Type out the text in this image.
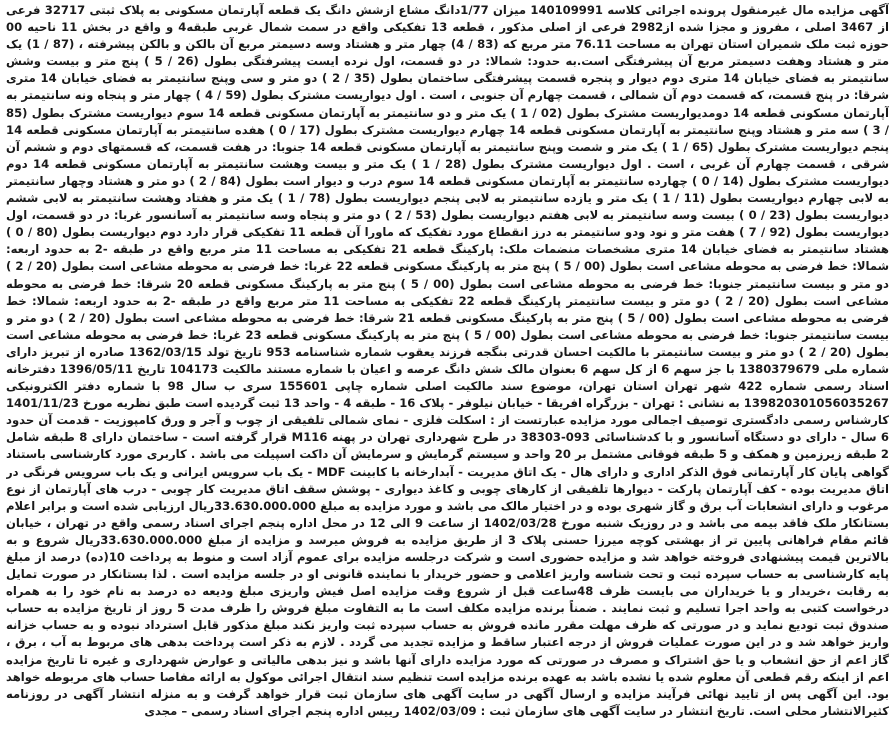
آگهی مزایده مال غیرمنقول پرونده اجرائی کلاسه 140109991 میزان 1/77دانگ مشاع ازشش دانگ یک قطعه آپارتمان مسکونی به پلاک ثبتی 32717 فرعی از 3467 اصلی ، مفروز و مجزا شده از2982 فرعی از اصلی مذکور ، قطعه 13 تفکیکی واقع در سمت شمال غربی طبقه4 و واقع در بخش 11 ناحیه 00 حوزه ثبت ملک شمیران استان تهران به مساحت 76.11 متر مربع که (83 / 4) چهار متر و هشتاد وسه دسیمتر مربع آن بالکن و بالکن پیشرفته ، (87 / 1) یک متر و هشتاد وهفت دسیمتر مربع آن پیشرفتگی است.به حدود: شمالا: در دو قسمت، اول نرده ایست پیشرفتگی بطول (26 / 5 ) پنج متر و بیست وشش سانتیمتر به فضای خیابان 14 متری دوم دیوار و پنجره قسمت پیشرفتگی ساختمان بطول (35 / 2 ) دو متر و سی وپنج سانتیمتر به فضای خیابان 14 متری شرقا: در پنج قسمت، که قسمت دوم آن شمالی ، قسمت چهارم آن جنوبی ، است . اول دیواریست مشترک بطول (59 / 4 ) چهار متر و پنجاه ونه سانتیمتر به آپارتمان مسکونی قطعه 14 دومدیواریست مشترک بطول (02 / 1 ) یک متر و دو سانتیمتر به آپارتمان مسکونی قطعه 14 سوم دیواریست مشترک بطول (85 / 3 ) سه متر و هشتاد وپنج سانتیمتر به آپارتمان مسکونی قطعه 14 چهارم دیواریست مشترک بطول (17 / 0 ) هفده سانتیمتر به آپارتمان مسکونی قطعه 14 پنجم دیواریست مشترک بطول (65 / 1 ) یک متر و شصت وپنج سانتیمتر به آپارتمان مسکونی قطعه 14 جنوبا: در هفت قسمت، که قسمتهای دوم و ششم آن شرقی ، قسمت چهارم آن غربی ، است . اول دیواریست مشترک بطول (28 / 1 ) یک متر و بیست وهشت سانتیمتر به آپارتمان مسکونی قطعه 14 دوم دیواریست مشترک بطول (14 / 0 ) چهارده سانتیمتر به آپارتمان مسکونی قطعه 14 سوم درب و دیوار است بطول (84 / 2 ) دو متر و هشتاد وچهار سانتیمتر به لابی چهارم دیواریست بطول (11 / 1 ) یک متر و یازده سانتیمتر به لابی پنجم دیواریست بطول (78 / 1 ) یک متر و هفتاد وهشت سانتیمتر به لابی ششم دیواریست بطول (23 / 0 ) بیست وسه سانتیمتر به لابی هفتم دیواریست بطول (53 / 2 ) دو متر و پنجاه وسه سانتیمتر به آسانسور غربا: در دو قسمت، اول دیواریست بطول (92 / 7 ) هفت متر و نود ودو سانتیمتر به درز انقطاع مورد تفکیک که ماورا آن قطعه 11 تفکیکی قرار دارد دوم دیواریست بطول (80 / 0 ) هشتاد سانتیمتر به فضای خیابان 14 متری مشخصات منضمات ملک: پارکینگ قطعه 21 تفکیکی به مساحت 11 متر مربع واقع در طبقه -2 به حدود اربعه: شمالا: خط فرضی به محوطه مشاعی است بطول (00 / 5 ) پنج متر به پارکینگ مسکونی قطعه 22 غربا: خط فرضی به محوطه مشاعی است بطول (20 / 2 ) دو متر و بیست سانتیمتر جنوبا: خط فرضی به محوطه مشاعی است بطول (00 / 5 ) پنج متر به پارکینگ مسکونی قطعه 20 شرقا: خط فرضی به محوطه مشاعی است بطول (20 / 2 ) دو متر و بیست سانتیمتر پارکینگ قطعه 22 تفکیکی به مساحت 11 متر مربع واقع در طبقه -2 به حدود اربعه: شمالا: خط فرضی به محوطه مشاعی است بطول (00 / 5 ) پنج متر به پارکینگ مسکونی قطعه 21 شرقا: خط فرضی به محوطه مشاعی است بطول (20 / 2 ) دو متر و بیست سانتیمتر جنوبا: خط فرضی به محوطه مشاعی است بطول (00 / 5 ) پنج متر به پارکینگ مسکونی قطعه 23 غربا: خط فرضی به محوطه مشاعی است بطول (20 / 2 ) دو متر و بیست سانتیمتر با مالکیت احسان قدرتی بنگجه فرزند یعقوب شماره شناسنامه 953 تاریخ تولد 1362/03/15 صادره از تبریز دارای شماره ملی 1380379679 با جز سهم 6 از کل سهم 6 بعنوان مالک شش دانگ عرصه و اعیان با شماره مستند مالکیت 104173 تاریخ 1396/05/11 دفترخانه اسناد رسمی شماره 422 شهر تهران استان تهران، موضوع سند مالکیت اصلی شماره چاپی 155601 سری ب سال 98 با شماره دفتر الکترونیکی 139820301056035267 به نشانی : تهران - بزرگراه افریقا - خیابان نیلوفر - پلاک 16 - طبقه 4 - واحد 13 ثبت گردیده است طبق نظریه مورخ 1401/11/23 کارشناس رسمی دادگستری توصیف اجمالی مورد مزایده عبارتست از : اسکلت فلزی - نمای شمالی تلفیقی از چوب و آجر و ورق کامپوزیت - قدمت آن حدود 6 سال - دارای دو دستگاه آسانسور و با کدشناسائی 093-38303 در طرح شهرداری تهران در پهنه M116 قرار گرفته است - ساختمان دارای 8 طبقه شامل 2 طبقه زیرزمین و همکف و 5 طبقه فوقانی مشتمل بر 20 واحد و سیستم گرمایش و سرمایش آن داکت اسپیلت می باشد . کاربری مورد کارشناسی باستناد گواهی پایان کار آپارتمانی فوق الذکر اداری و دارای هال - یک اتاق مدیریت - آبدارخانه با کابینت MDF - یک باب سرویس ایرانی و یک باب سرویس فرنگی در اتاق مدیریت بوده - کف آپارتمان پارکت - دیوارها تلفیقی از کارهای چوبی و کاغذ دیواری - پوشش سقف اتاق مدیریت کار چوبی - درب های آپارتمان از نوع مرغوب و دارای انشعابات آب برق و گاز شهری بوده و در اختیار مالک می باشد و مورد مزایده به مبلغ 33.630.000.000ریال ارزیابی شده است و برابر اعلام بستانکار ملک فاقد بیمه می باشد و در روزیک شنبه مورخ 1402/03/28 از ساعت 9 الی 12 در محل اداره پنجم اجرای اسناد رسمی واقع در تهران ، خیابان قائم مقام فراهانی پایین تر از بهشتی کوچه میرزا حسنی پلاک 3 از طریق مزایده به فروش میرسد و مزایده از مبلغ 33.630.000.000ریال شروع و به بالاترین قیمت پیشنهادی فروخته خواهد شد و مزایده حضوری است و شرکت درجلسه مزایده برای عموم آزاد است و منوط به پرداخت 10(ده) درصد از مبلغ پایه کارشناسی به حساب سپرده ثبت و تحت شناسه واریز اعلامی و حضور خریدار با نماینده قانونی او در جلسه مزایده است . لذا بستانکار در صورت تمایل به رقابت ،خریدار و یا خریداران می بایست ظرف 48ساعت قبل از شروع وقت مزایده اصل فیش واریزی مبلغ ودیعه ده درصد به نام خود را به همراه درخواست کتبی به واحد اجرا تسلیم و ثبت نمایند . ضمناً برنده مزایده مکلف است ما به التفاوت مبلغ فروش را ظرف مدت 5 روز از تاریخ مزایده به حساب صندوق ثبت تودیع نماید و در صورتی که ظرف مهلت مقرر مانده فروش به حساب سپرده ثبت واریز نکند مبلغ مذکور قابل استرداد نبوده و به حساب خزانه واریز خواهد شد و در این صورت عملیات فروش از درجه اعتبار ساقط و مزایده تجدید می گردد . لازم به ذکر است پرداخت بدهی های مربوط به آب ، برق ، گاز اعم از حق انشعاب و یا حق اشتراک و مصرف در صورتی که مورد مزایده دارای آنها باشد و نیز بدهی مالیاتی و عوارض شهرداری و غیره تا تاریخ مزایده اعم از اینکه رقم قطعی آن معلوم شده یا نشده باشد به عهده برنده مزایده است تنظیم سند انتقال اجرائی موکول به ارائه مفاصا حساب های مربوطه خواهد بود. این آگهی پس از تایید نهائی فرآیند مزایده و ارسال آگهی در سایت آگهی های سازمان ثبت قرار خواهد گرفت و به منزله انتشار آگهی در روزنامه کثیرالانتشار محلی است. تاریخ انتشار در سایت آگهی های سازمان ثبت : 1402/03/09 رییس اداره پنجم اجرای اسناد رسمی – مجدی
